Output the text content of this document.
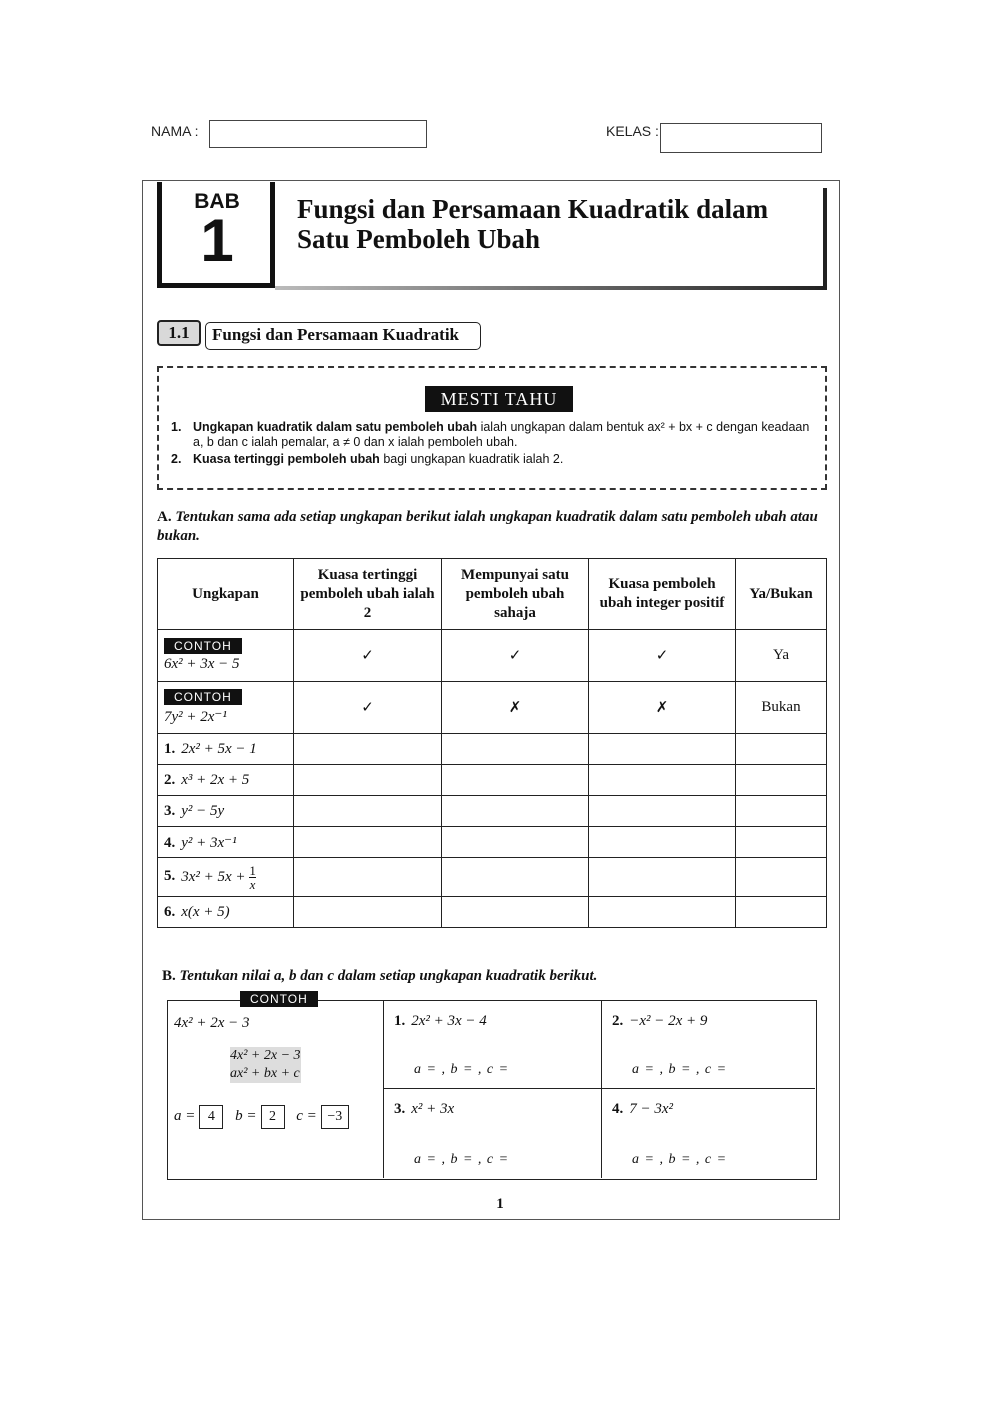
NAMA :	KELAS :
BAB
1	Fungsi dan Persamaan Kuadratik dalam Satu Pemboleh Ubah
1.1	Fungsi dan Persamaan Kuadratik
MESTI TAHU
1. Ungkapan kuadratik dalam satu pemboleh ubah ialah ungkapan dalam bentuk ax² + bx + c dengan keadaan a, b dan c ialah pemalar, a ≠ 0 dan x ialah pemboleh ubah.
2. Kuasa tertinggi pemboleh ubah bagi ungkapan kuadratik ialah 2.
A. Tentukan sama ada setiap ungkapan berikut ialah ungkapan kuadratik dalam satu pemboleh ubah atau bukan.
Ungkapan	Kuasa tertinggi pemboleh ubah ialah 2	Mempunyai satu pemboleh ubah sahaja	Kuasa pemboleh ubah integer positif	Ya/Bukan
CONTOH
6x² + 3x − 5	✓	✓	✓	Ya
CONTOH
7y² + 2x⁻¹	✓	✗	✗	Bukan
1. 2x² + 5x − 1				
2. x³ + 2x + 5				
3. y² − 5y				
4. y² + 3x⁻¹				
5. $3x^2 + 5x + \frac{1}{x}$

6. x(x + 5)				
B. Tentukan nilai a, b dan c dalam setiap ungkapan kuadratik berikut.
CONTOH
4x² + 2x − 3
4x² + 2x − 3
ax² + bx + c
a = 4 b = 2 c = −3
1. 2x² + 3x − 4
a = , b = , c =
2. −x² − 2x + 9
a = , b = , c =
3. x² + 3x
a = , b = , c =
4. 7 − 3x²
a = , b = , c =
1
